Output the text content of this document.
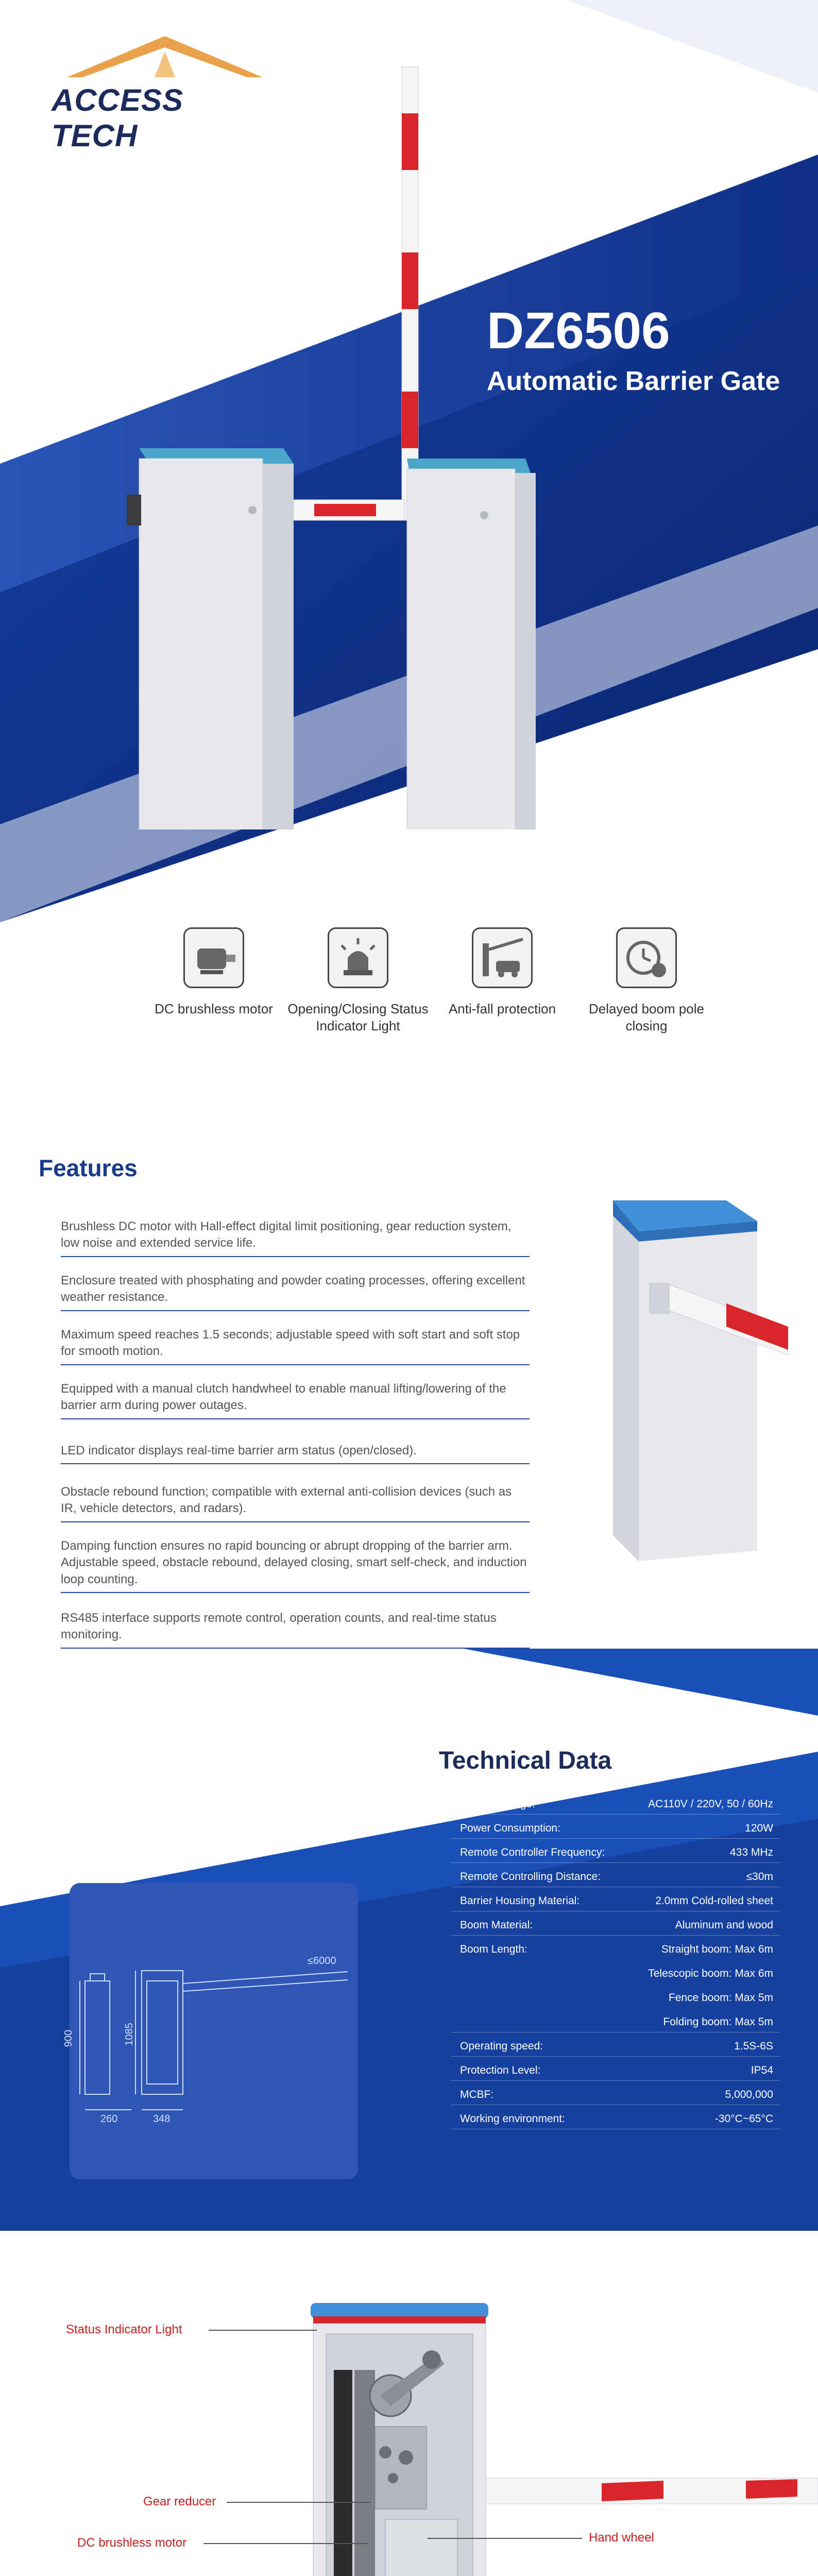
ACCESS TECH
DZ6506
Automatic Barrier Gate
DC brushless motor	Opening/Closing Status Indicator Light
Anti-fall protection	Delayed boom pole closing
Features
Brushless DC motor with Hall-effect digital limit positioning, gear reduction system, low noise and extended service life.
Enclosure treated with phosphating and powder coating processes, offering excellent weather resistance.
Maximum speed reaches 1.5 seconds; adjustable speed with soft start and soft stop for smooth motion.
Equipped with a manual clutch handwheel to enable manual lifting/lowering of the barrier arm during power outages.
LED indicator displays real-time barrier arm status (open/closed).
Obstacle rebound function; compatible with external anti-collision devices (such as IR, vehicle detectors, and radars).
Damping function ensures no rapid bouncing or abrupt dropping of the barrier arm. Adjustable speed, obstacle rebound, delayed closing, smart self-check, and induction loop counting.
RS485 interface supports remote control, operation counts, and real-time status monitoring.
Technical Data
Supply Voltage:	AC110V / 220V, 50 / 60Hz
Power Consumption:	120W
Remote Controller Frequency:	433 MHz
Remote Controlling Distance:	≤30m
Barrier Housing Material:	2.0mm Cold-rolled sheet
Boom Material:	Aluminum and wood
Boom Length:	Straight boom: Max 6m
Telescopic boom: Max 6m
Fence boom: Max 5m
Folding boom: Max 5m
Operating speed:	1.5S-6S
Protection Level:	IP54
MCBF:	5,000,000
Working environment:	-30°C~65°C
Dimension
≤6000
900	1085
260	348
Status Indicator Light
Gear reducer
DC brushless motor	Hand wheel
